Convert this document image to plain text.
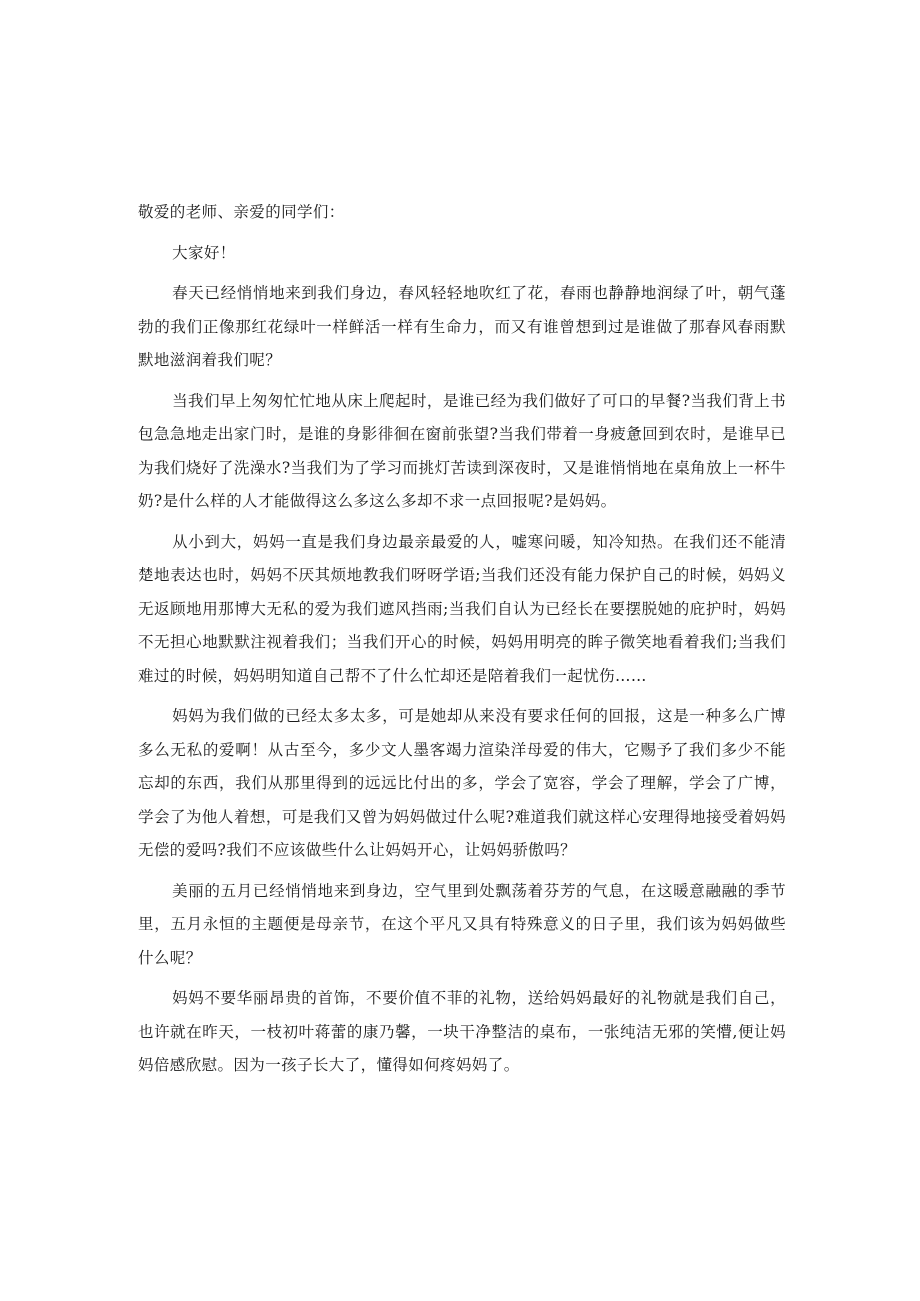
敬爱的老师、亲爱的同学们：

大家好！

春天已经悄悄地来到我们身边，春风轻轻地吹红了花，春雨也静静地润绿了叶，朝气蓬勃的我们正像那红花绿叶一样鲜活一样有生命力，而又有谁曾想到过是谁做了那春风春雨默默地滋润着我们呢？

当我们早上匆匆忙忙地从床上爬起时，是谁已经为我们做好了可口的早餐?当我们背上书包急急地走出家门时，是谁的身影徘徊在窗前张望?当我们带着一身疲惫回到农时，是谁早已为我们烧好了洗澡水?当我们为了学习而挑灯苦读到深夜时，又是谁悄悄地在桌角放上一杯牛奶?是什么样的人才能做得这么多这么多却不求一点回报呢?是妈妈。

从小到大，妈妈一直是我们身边最亲最爱的人，嘘寒问暖，知冷知热。在我们还不能清楚地表达也时，妈妈不厌其烦地教我们呀呀学语;当我们还没有能力保护自己的时候，妈妈义无返顾地用那博大无私的爱为我们遮风挡雨;当我们自认为已经长在要摆脱她的庇护时，妈妈不无担心地默默注视着我们；当我们开心的时候，妈妈用明亮的眸子微笑地看着我们;当我们难过的时候，妈妈明知道自己帮不了什么忙却还是陪着我们一起忧伤……

妈妈为我们做的已经太多太多，可是她却从来没有要求任何的回报，这是一种多么广博多么无私的爱啊！从古至今，多少文人墨客竭力渲染洋母爱的伟大，它赐予了我们多少不能忘却的东西，我们从那里得到的远远比付出的多，学会了宽容，学会了理解，学会了广博，学会了为他人着想，可是我们又曾为妈妈做过什么呢?难道我们就这样心安理得地接受着妈妈无偿的爱吗?我们不应该做些什么让妈妈开心，让妈妈骄傲吗？

美丽的五月已经悄悄地来到身边，空气里到处飘荡着芬芳的气息，在这暖意融融的季节里，五月永恒的主题便是母亲节，在这个平凡又具有特殊意义的日子里，我们该为妈妈做些什么呢？

妈妈不要华丽昂贵的首饰，不要价值不菲的礼物，送给妈妈最好的礼物就是我们自己，也许就在昨天，一枝初叶蒋蕾的康乃馨，一块干净整洁的桌布，一张纯洁无邪的笑懵,便让妈妈倍感欣慰。因为一孩子长大了，懂得如何疼妈妈了。
